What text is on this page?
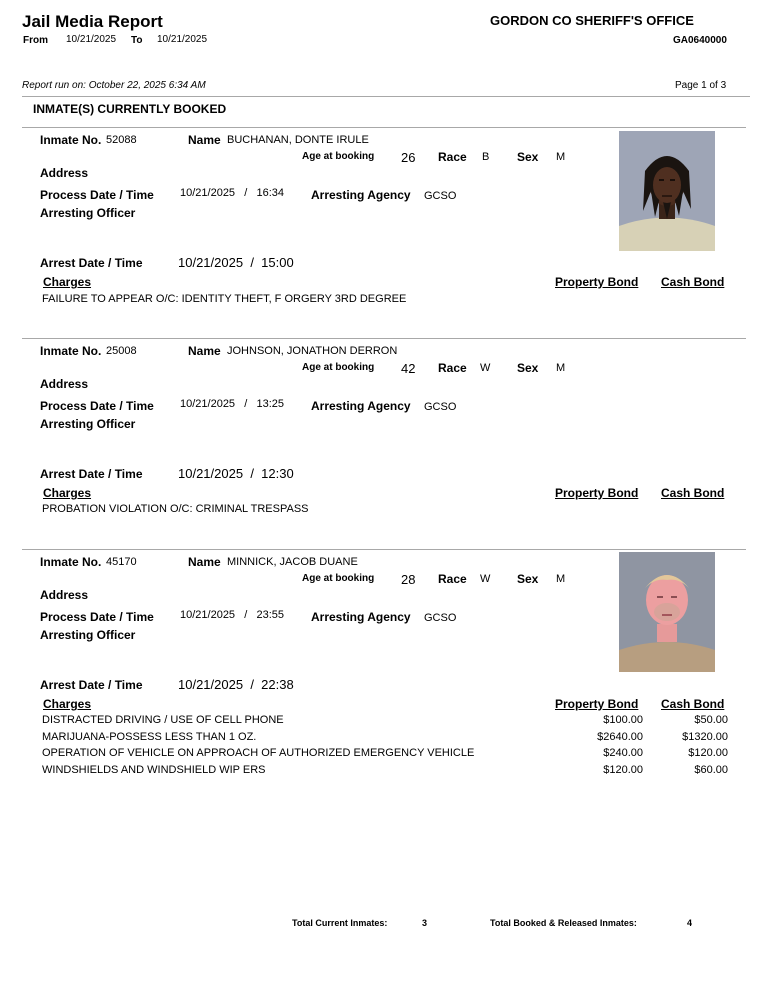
Jail Media Report	GORDON CO SHERIFF'S OFFICE
From 10/21/2025 To 10/21/2025	GA0640000
Report run on: October 22, 2025 6:34 AM	Page 1 of 3
INMATE(S) CURRENTLY BOOKED
Inmate No. 52088	Name BUCHANAN, DONTE IRULE
Age at booking 26 Race B Sex M
Address
Process Date / Time 10/21/2025 / 16:34 Arresting Agency GCSO
Arresting Officer
Arrest Date / Time	10/21/2025 / 15:00
Charges	Property Bond Cash Bond
FAILURE TO APPEAR O/C: IDENTITY THEFT, F ORGERY 3RD DEGREE
Inmate No. 25008	Name JOHNSON, JONATHON DERRON
Age at booking 42 Race W Sex M
Address
Process Date / Time 10/21/2025 / 13:25 Arresting Agency GCSO
Arresting Officer
Arrest Date / Time	10/21/2025 / 12:30
Charges	Property Bond Cash Bond
PROBATION VIOLATION O/C: CRIMINAL TRESPASS
Inmate No. 45170	Name MINNICK, JACOB DUANE
Age at booking 28 Race W Sex M
Address
Process Date / Time 10/21/2025 / 23:55 Arresting Agency GCSO
Arresting Officer
Arrest Date / Time	10/21/2025 / 22:38
Charges	Property Bond Cash Bond
DISTRACTED DRIVING / USE OF CELL PHONE	$100.00	$50.00
MARIJUANA-POSSESS LESS THAN 1 OZ.	$2640.00	$1320.00
OPERATION OF VEHICLE ON APPROACH OF AUTHORIZED EMERGENCY VEHICLE	$240.00	$120.00
WINDSHIELDS AND WINDSHIELD WIP ERS	$120.00	$60.00
Total Current Inmates:	3	Total Booked & Released Inmates:	4
